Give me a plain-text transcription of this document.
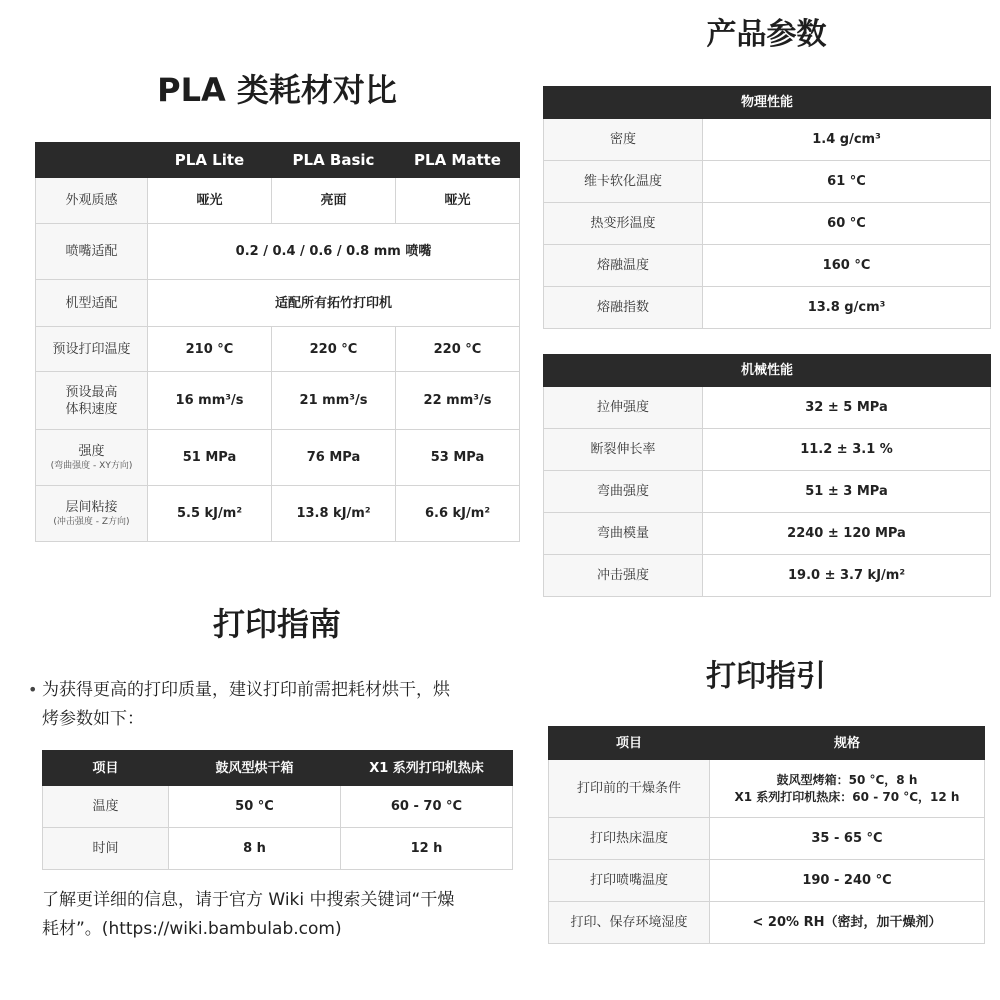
PLA 类耗材对比
	PLA Lite	PLA Basic	PLA Matte
外观质感	哑光	亮面	哑光
喷嘴适配	0.2 / 0.4 / 0.6 / 0.8 mm 喷嘴		
机型适配	适配所有拓竹打印机		
预设打印温度	210 °C	220 °C	220 °C

预设最高
体积速度	16 mm³/s	21 mm³/s	22 mm³/s

强度
(弯曲强度 - XY方向)	51 MPa	76 MPa	53 MPa

层间粘接
(冲击强度 - Z方向)	5.5 kJ/m²	13.8 kJ/m²	6.6 kJ/m²
打印指南
• 为获得更高的打印质量，建议打印前需把耗材烘干，烘
烤参数如下：
项目	鼓风型烘干箱	X1 系列打印机热床
温度	50 °C	60 - 70 °C
时间	8 h	12 h
了解更详细的信息，请于官方 Wiki 中搜索关键词“干燥
耗材”。(https://wiki.bambulab.com)
产品参数
物理性能	
密度	1.4 g/cm³
维卡软化温度	61 °C
热变形温度	60 °C
熔融温度	160 °C
熔融指数	13.8 g/cm³
机械性能	
拉伸强度	32 ± 5 MPa
断裂伸长率	11.2 ± 3.1 %
弯曲强度	51 ± 3 MPa
弯曲模量	2240 ± 120 MPa
冲击强度	19.0 ± 3.7 kJ/m²
打印指引
项目	规格
打印前的干燥条件	鼓风型烤箱：50 °C，8 h
X1 系列打印机热床：60 - 70 °C，12 h

打印热床温度	35 - 65 °C
打印喷嘴温度	190 - 240 °C
打印、保存环境湿度	< 20% RH（密封，加干燥剂）
